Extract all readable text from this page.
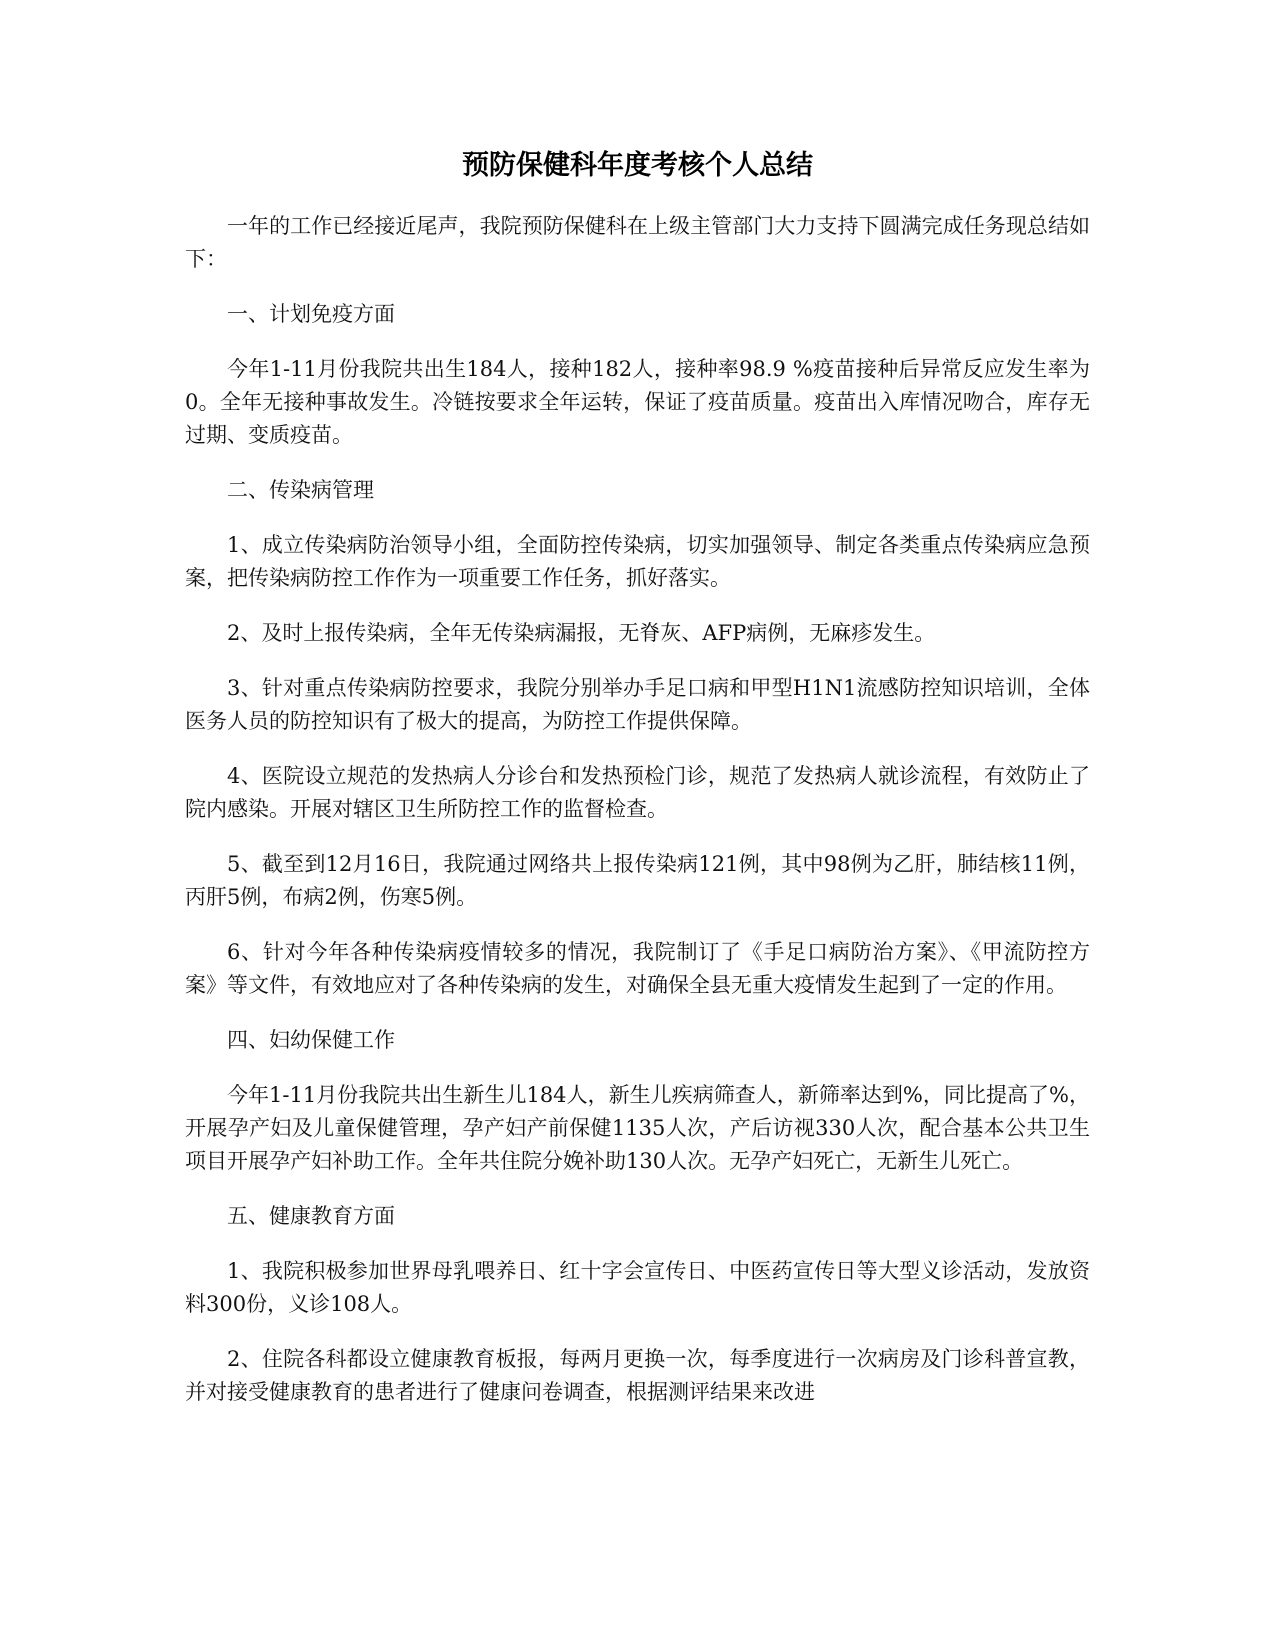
预防保健科年度考核个人总结

一年的工作已经接近尾声，我院预防保健科在上级主管部门大力支持下圆满完成任务现总结如下：

一、计划免疫方面

今年1-11月份我院共出生184人，接种182人，接种率98.9 %疫苗接种后异常反应发生率为0。全年无接种事故发生。冷链按要求全年运转，保证了疫苗质量。疫苗出入库情况吻合，库存无过期、变质疫苗。

二、传染病管理

1、成立传染病防治领导小组，全面防控传染病，切实加强领导、制定各类重点传染病应急预案，把传染病防控工作作为一项重要工作任务，抓好落实。

2、及时上报传染病，全年无传染病漏报，无脊灰、AFP病例，无麻疹发生。

3、针对重点传染病防控要求，我院分别举办手足口病和甲型H1N1流感防控知识培训，全体医务人员的防控知识有了极大的提高，为防控工作提供保障。

4、医院设立规范的发热病人分诊台和发热预检门诊，规范了发热病人就诊流程，有效防止了院内感染。开展对辖区卫生所防控工作的监督检查。

5、截至到12月16日，我院通过网络共上报传染病121例，其中98例为乙肝，肺结核11例，丙肝5例，布病2例，伤寒5例。

6、针对今年各种传染病疫情较多的情况，我院制订了《手足口病防治方案》、《甲流防控方案》等文件，有效地应对了各种传染病的发生，对确保全县无重大疫情发生起到了一定的作用。

四、妇幼保健工作

今年1-11月份我院共出生新生儿184人，新生儿疾病筛查人，新筛率达到%，同比提高了%，开展孕产妇及儿童保健管理，孕产妇产前保健1135人次，产后访视330人次，配合基本公共卫生项目开展孕产妇补助工作。全年共住院分娩补助130人次。无孕产妇死亡，无新生儿死亡。

五、健康教育方面

1、我院积极参加世界母乳喂养日、红十字会宣传日、中医药宣传日等大型义诊活动，发放资料300份，义诊108人。

2、住院各科都设立健康教育板报，每两月更换一次，每季度进行一次病房及门诊科普宣教，并对接受健康教育的患者进行了健康问卷调查，根据测评结果来改进
